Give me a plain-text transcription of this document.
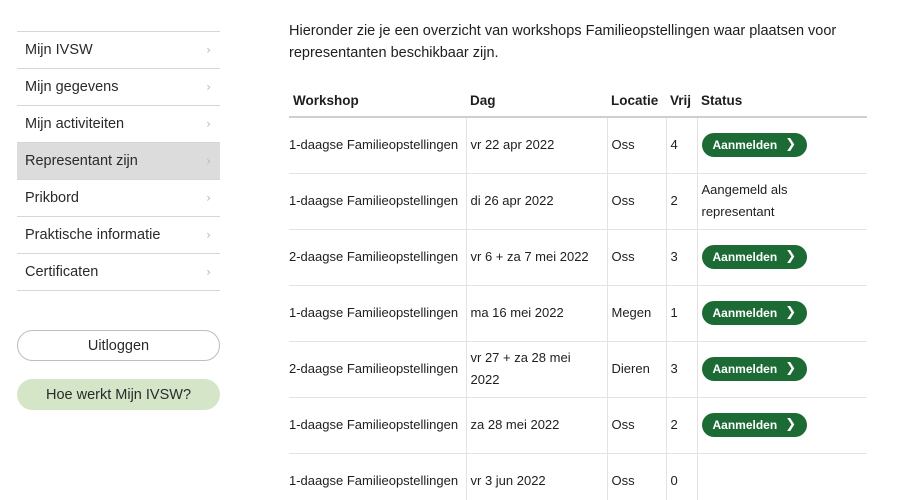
Mijn IVSW	›
Mijn gegevens	›
Mijn activiteiten	›
Representant zijn	›
Prikbord	›
Praktische informatie	›
Certificaten	›
Uitloggen
Hoe werkt Mijn IVSW?

Hieronder zie je een overzicht van workshops Familieopstellingen waar plaatsen voor representanten beschikbaar zijn.

Workshop	Dag	Locatie	Vrij	Status
1-daagse Familieopstellingen	vr 22 apr 2022	Oss	4	Aanmelden ❯

1-daagse Familieopstellingen	di 26 apr 2022	Oss	2	Aangemeld als representant
2-daagse Familieopstellingen	vr 6 + za 7 mei 2022	Oss	3	Aanmelden ❯

1-daagse Familieopstellingen	ma 16 mei 2022	Megen	1	Aanmelden ❯

2-daagse Familieopstellingen	vr 27 + za 28 mei 2022	Dieren	3	Aanmelden ❯

1-daagse Familieopstellingen	za 28 mei 2022	Oss	2	Aanmelden ❯

1-daagse Familieopstellingen	vr 3 jun 2022	Oss	0	
